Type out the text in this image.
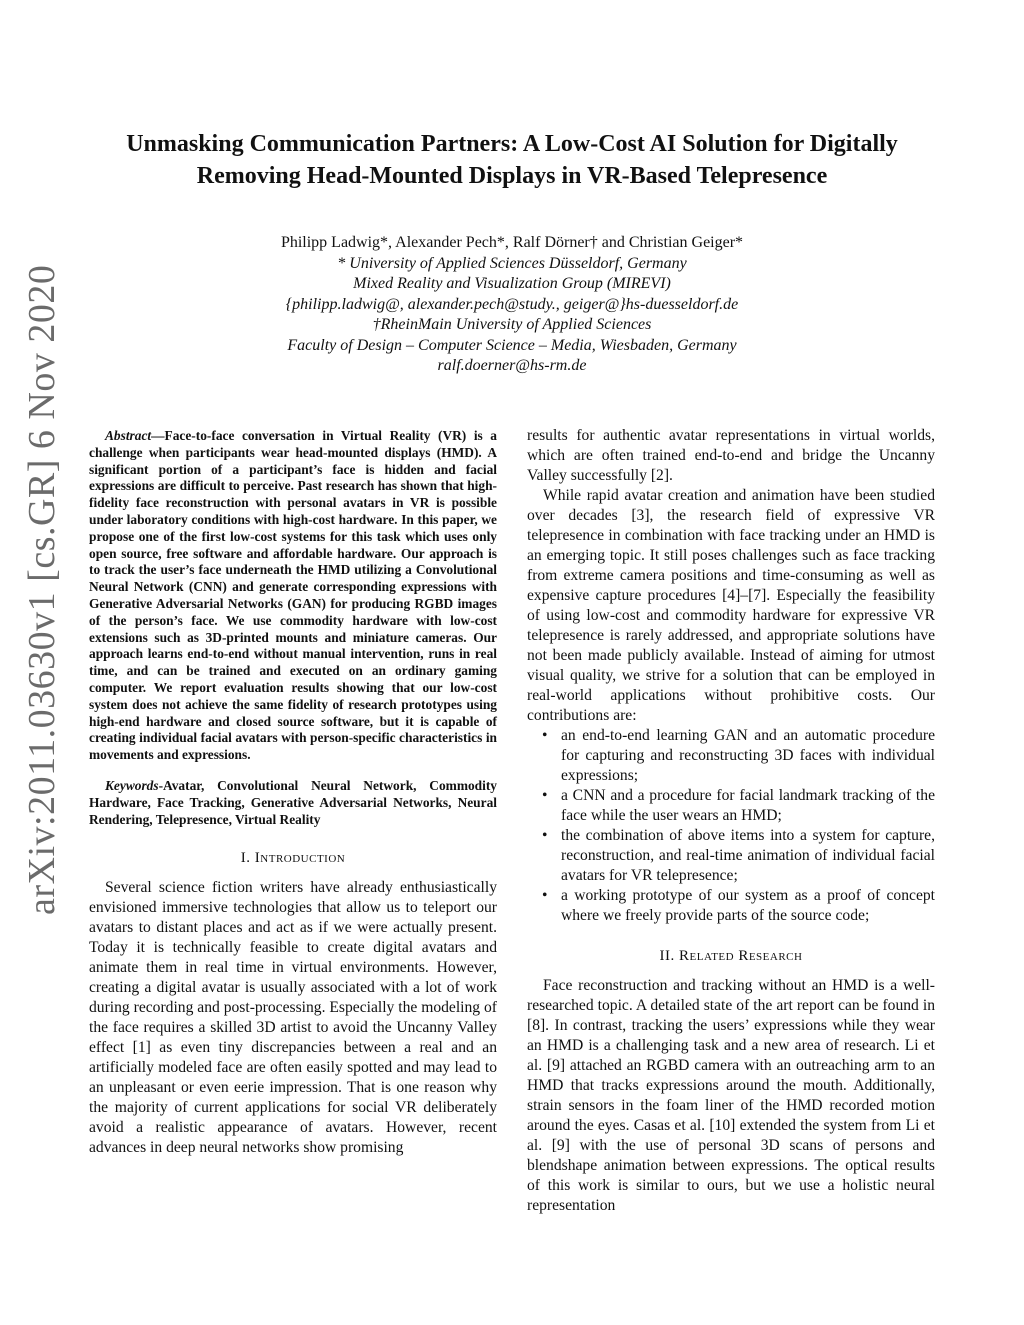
arXiv:2011.03630v1 [cs.GR] 6 Nov 2020
Unmasking Communication Partners: A Low-Cost AI Solution for Digitally
Removing Head-Mounted Displays in VR-Based Telepresence
Philipp Ladwig*, Alexander Pech*, Ralf Dörner† and Christian Geiger*
* University of Applied Sciences Düsseldorf, Germany
Mixed Reality and Visualization Group (MIREVI)
{philipp.ladwig@, alexander.pech@study., geiger@}hs-duesseldorf.de
†RheinMain University of Applied Sciences
Faculty of Design – Computer Science – Media, Wiesbaden, Germany
ralf.doerner@hs-rm.de

Abstract—Face-to-face conversation in Virtual Reality (VR) is a challenge when participants wear head-mounted displays (HMD). A significant portion of a participant’s face is hidden and facial expressions are difficult to perceive. Past research has shown that high-fidelity face reconstruction with personal avatars in VR is possible under laboratory conditions with high-cost hardware. In this paper, we propose one of the first low-cost systems for this task which uses only open source, free software and affordable hardware. Our approach is to track the user’s face underneath the HMD utilizing a Convolutional Neural Network (CNN) and generate corresponding expressions with Generative Adversarial Networks (GAN) for producing RGBD images of the person’s face. We use commodity hardware with low-cost extensions such as 3D-printed mounts and miniature cameras. Our approach learns end-to-end without manual intervention, runs in real time, and can be trained and executed on an ordinary gaming computer. We report evaluation results showing that our low-cost system does not achieve the same fidelity of research prototypes using high-end hardware and closed source software, but it is capable of creating individual facial avatars with person-specific characteristics in movements and expressions.

Keywords-Avatar, Convolutional Neural Network, Commodity Hardware, Face Tracking, Generative Adversarial Networks, Neural Rendering, Telepresence, Virtual Reality

I. Introduction

Several science fiction writers have already enthusiastically envisioned immersive technologies that allow us to teleport our avatars to distant places and act as if we were actually present. Today it is technically feasible to create digital avatars and animate them in real time in virtual environments. However, creating a digital avatar is usually associated with a lot of work during recording and post-processing. Especially the modeling of the face requires a skilled 3D artist to avoid the Uncanny Valley effect [1] as even tiny discrepancies between a real and an artificially modeled face are often easily spotted and may lead to an unpleasant or even eerie impression. That is one reason why the majority of current applications for social VR deliberately avoid a realistic appearance of avatars. However, recent advances in deep neural networks show promising

results for authentic avatar representations in virtual worlds, which are often trained end-to-end and bridge the Uncanny Valley successfully [2].

While rapid avatar creation and animation have been studied over decades [3], the research field of expressive VR telepresence in combination with face tracking under an HMD is an emerging topic. It still poses challenges such as face tracking from extreme camera positions and time-consuming as well as expensive capture procedures [4]–[7]. Especially the feasibility of using low-cost and commodity hardware for expressive VR telepresence is rarely addressed, and appropriate solutions have not been made publicly available. Instead of aiming for utmost visual quality, we strive for a solution that can be employed in real-world applications without prohibitive costs. Our contributions are:

• an end-to-end learning GAN and an automatic procedure for capturing and reconstructing 3D faces with individual expressions;
• a CNN and a procedure for facial landmark tracking of the face while the user wears an HMD;
• the combination of above items into a system for capture, reconstruction, and real-time animation of individual facial avatars for VR telepresence;
• a working prototype of our system as a proof of concept where we freely provide parts of the source code;
II. Related Research

Face reconstruction and tracking without an HMD is a well-researched topic. A detailed state of the art report can be found in [8]. In contrast, tracking the users’ expressions while they wear an HMD is a challenging task and a new area of research. Li et al. [9] attached an RGBD camera with an outreaching arm to an HMD that tracks expressions around the mouth. Additionally, strain sensors in the foam liner of the HMD recorded motion around the eyes. Casas et al. [10] extended the system from Li et al. [9] with the use of personal 3D scans of persons and blendshape animation between expressions. The optical results of this work is similar to ours, but we use a holistic neural representation
